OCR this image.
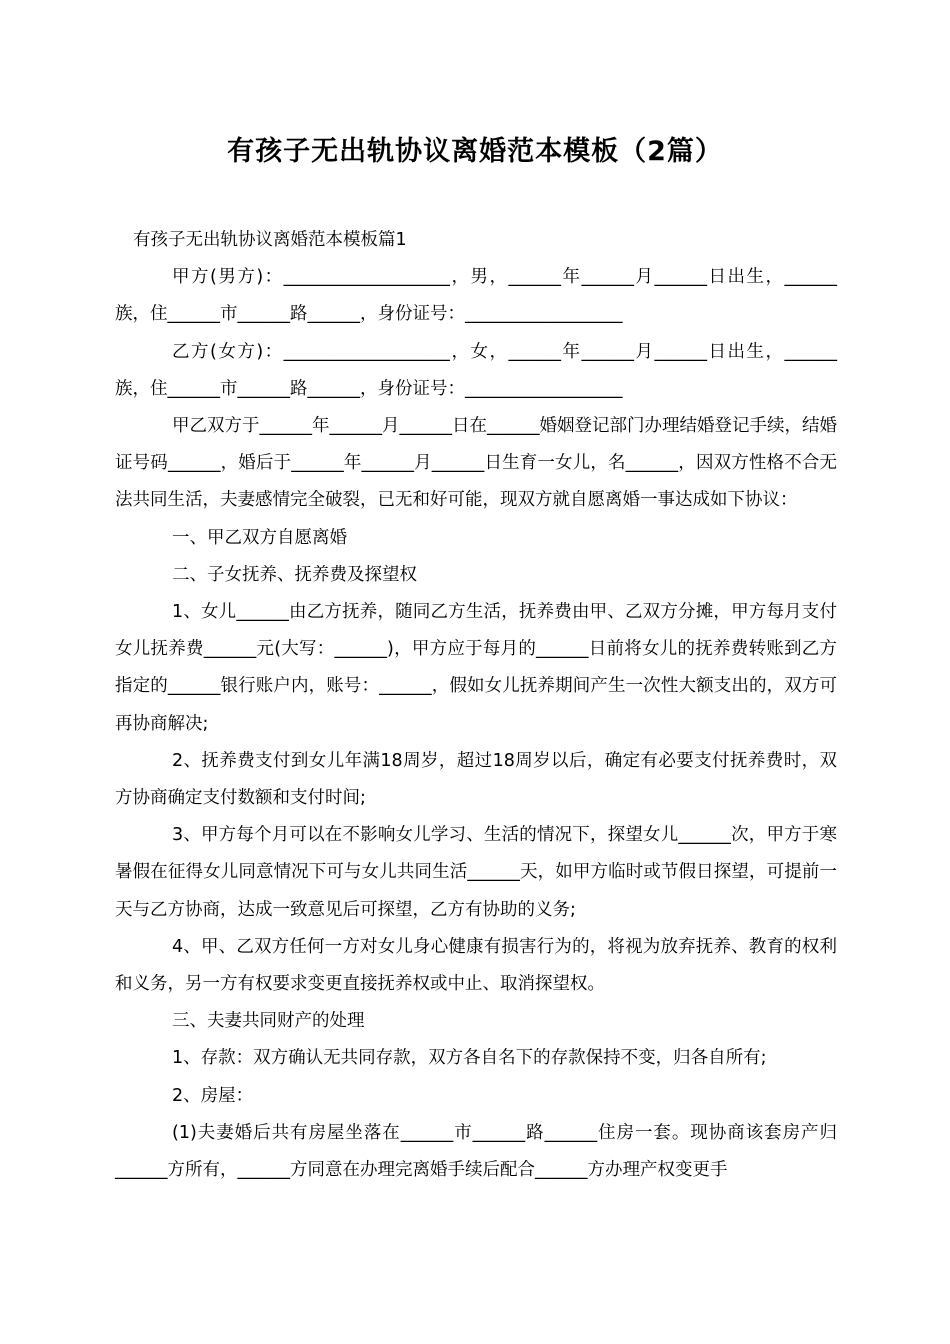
有孩子无出轨协议离婚范本模板（2篇）
有孩子无出轨协议离婚范本模板篇1
甲方(男方)：___________________，男，______年______月______日出生，______族，住______市______路______，身份证号：__________________
乙方(女方)：___________________，女，______年______月______日出生，______族，住______市______路______，身份证号：__________________
甲乙双方于______年______月______日在______婚姻登记部门办理结婚登记手续，结婚证号码______，婚后于______年______月______日生育一女儿，名______，因双方性格不合无法共同生活，夫妻感情完全破裂，已无和好可能，现双方就自愿离婚一事达成如下协议：
一、甲乙双方自愿离婚
二、子女抚养、抚养费及探望权
1、女儿______由乙方抚养，随同乙方生活，抚养费由甲、乙双方分摊，甲方每月支付女儿抚养费______元(大写：______)，甲方应于每月的______日前将女儿的抚养费转账到乙方指定的______银行账户内，账号：______，假如女儿抚养期间产生一次性大额支出的，双方可再协商解决;
2、抚养费支付到女儿年满18周岁，超过18周岁以后，确定有必要支付抚养费时，双方协商确定支付数额和支付时间;
3、甲方每个月可以在不影响女儿学习、生活的情况下，探望女儿______次，甲方于寒暑假在征得女儿同意情况下可与女儿共同生活______天，如甲方临时或节假日探望，可提前一天与乙方协商，达成一致意见后可探望，乙方有协助的义务;
4、甲、乙双方任何一方对女儿身心健康有损害行为的，将视为放弃抚养、教育的权利和义务，另一方有权要求变更直接抚养权或中止、取消探望权。
三、夫妻共同财产的处理
1、存款：双方确认无共同存款，双方各自名下的存款保持不变，归各自所有;
2、房屋：
(1)夫妻婚后共有房屋坐落在______市______路______住房一套。现协商该套房产归______方所有，______方同意在办理完离婚手续后配合______方办理产权变更手
